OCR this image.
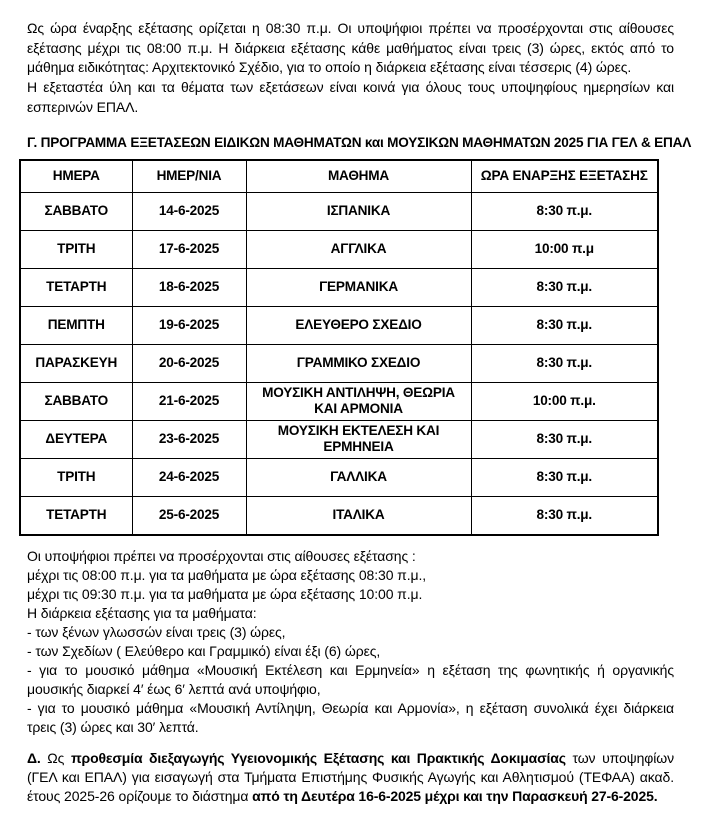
Ως ώρα έναρξης εξέτασης ορίζεται η 08:30 π.μ. Οι υποψήφιοι πρέπει να προσέρχονται στις αίθουσες εξέτασης μέχρι τις 08:00 π.μ. Η διάρκεια εξέτασης κάθε μαθήματος είναι τρεις (3) ώρες, εκτός από το μάθημα ειδικότητας: Αρχιτεκτονικό Σχέδιο, για το οποίο η διάρκεια εξέτασης είναι τέσσερις (4) ώρες.

Η εξεταστέα ύλη και τα θέματα των εξετάσεων είναι κοινά για όλους τους υποψηφίους ημερησίων και εσπερινών ΕΠΑΛ.

Γ. ΠΡΟΓΡΑΜΜΑ ΕΞΕΤΑΣΕΩΝ ΕΙΔΙΚΩΝ ΜΑΘΗΜΑΤΩΝ και ΜΟΥΣΙΚΩΝ ΜΑΘΗΜΑΤΩΝ 2025 ΓΙΑ ΓΕΛ & ΕΠΑΛ

ΗΜΕΡΑ	ΗΜΕΡ/ΝΙΑ	ΜΑΘΗΜΑ	ΩΡΑ ΕΝΑΡΞΗΣ ΕΞΕΤΑΣΗΣ
ΣΑΒΒΑΤΟ	14-6-2025	ΙΣΠΑΝΙΚΑ	8:30 π.μ.
ΤΡΙΤΗ	17-6-2025	ΑΓΓΛΙΚΑ	10:00 π.μ
ΤΕΤΑΡΤΗ	18-6-2025	ΓΕΡΜΑΝΙΚΑ	8:30 π.μ.
ΠΕΜΠΤΗ	19-6-2025	ΕΛΕΥΘΕΡΟ ΣΧΕΔΙΟ	8:30 π.μ.
ΠΑΡΑΣΚΕΥΗ	20-6-2025	ΓΡΑΜΜΙΚΟ ΣΧΕΔΙΟ	8:30 π.μ.
ΣΑΒΒΑΤΟ	21-6-2025	ΜΟΥΣΙΚΗ ΑΝΤΙΛΗΨΗ, ΘΕΩΡΙΑ ΚΑΙ ΑΡΜΟΝΙΑ	10:00 π.μ.
ΔΕΥΤΕΡΑ	23-6-2025	ΜΟΥΣΙΚΗ ΕΚΤΕΛΕΣΗ ΚΑΙ ΕΡΜΗΝΕΙΑ	8:30 π.μ.
ΤΡΙΤΗ	24-6-2025	ΓΑΛΛΙΚΑ	8:30 π.μ.
ΤΕΤΑΡΤΗ	25-6-2025	ΙΤΑΛΙΚΑ	8:30 π.μ.

Οι υποψήφιοι πρέπει να προσέρχονται στις αίθουσες εξέτασης :

μέχρι τις 08:00 π.μ. για τα μαθήματα με ώρα εξέτασης 08:30 π.μ.,

μέχρι τις 09:30 π.μ. για τα μαθήματα με ώρα εξέτασης 10:00 π.μ.

Η διάρκεια εξέτασης για τα μαθήματα:

- των ξένων γλωσσών είναι τρεις (3) ώρες,

- των Σχεδίων ( Ελεύθερο και Γραμμικό) είναι έξι (6) ώρες,

- για το μουσικό μάθημα «Μουσική Εκτέλεση και Ερμηνεία» η εξέταση της φωνητικής ή οργανικής μουσικής διαρκεί 4′ έως 6′ λεπτά ανά υποψήφιο,

- για το μουσικό μάθημα «Μουσική Αντίληψη, Θεωρία και Αρμονία», η εξέταση συνολικά έχει διάρκεια τρεις (3) ώρες και 30′ λεπτά.

Δ. Ως προθεσμία διεξαγωγής Υγειονομικής Εξέτασης και Πρακτικής Δοκιμασίας των υποψηφίων (ΓΕΛ και ΕΠΑΛ) για εισαγωγή στα Τμήματα Επιστήμης Φυσικής Αγωγής και Αθλητισμού (ΤΕΦΑΑ) ακαδ. έτους 2025-26 ορίζουμε το διάστημα από τη Δευτέρα 16-6-2025 μέχρι και την Παρασκευή 27-6-2025.
